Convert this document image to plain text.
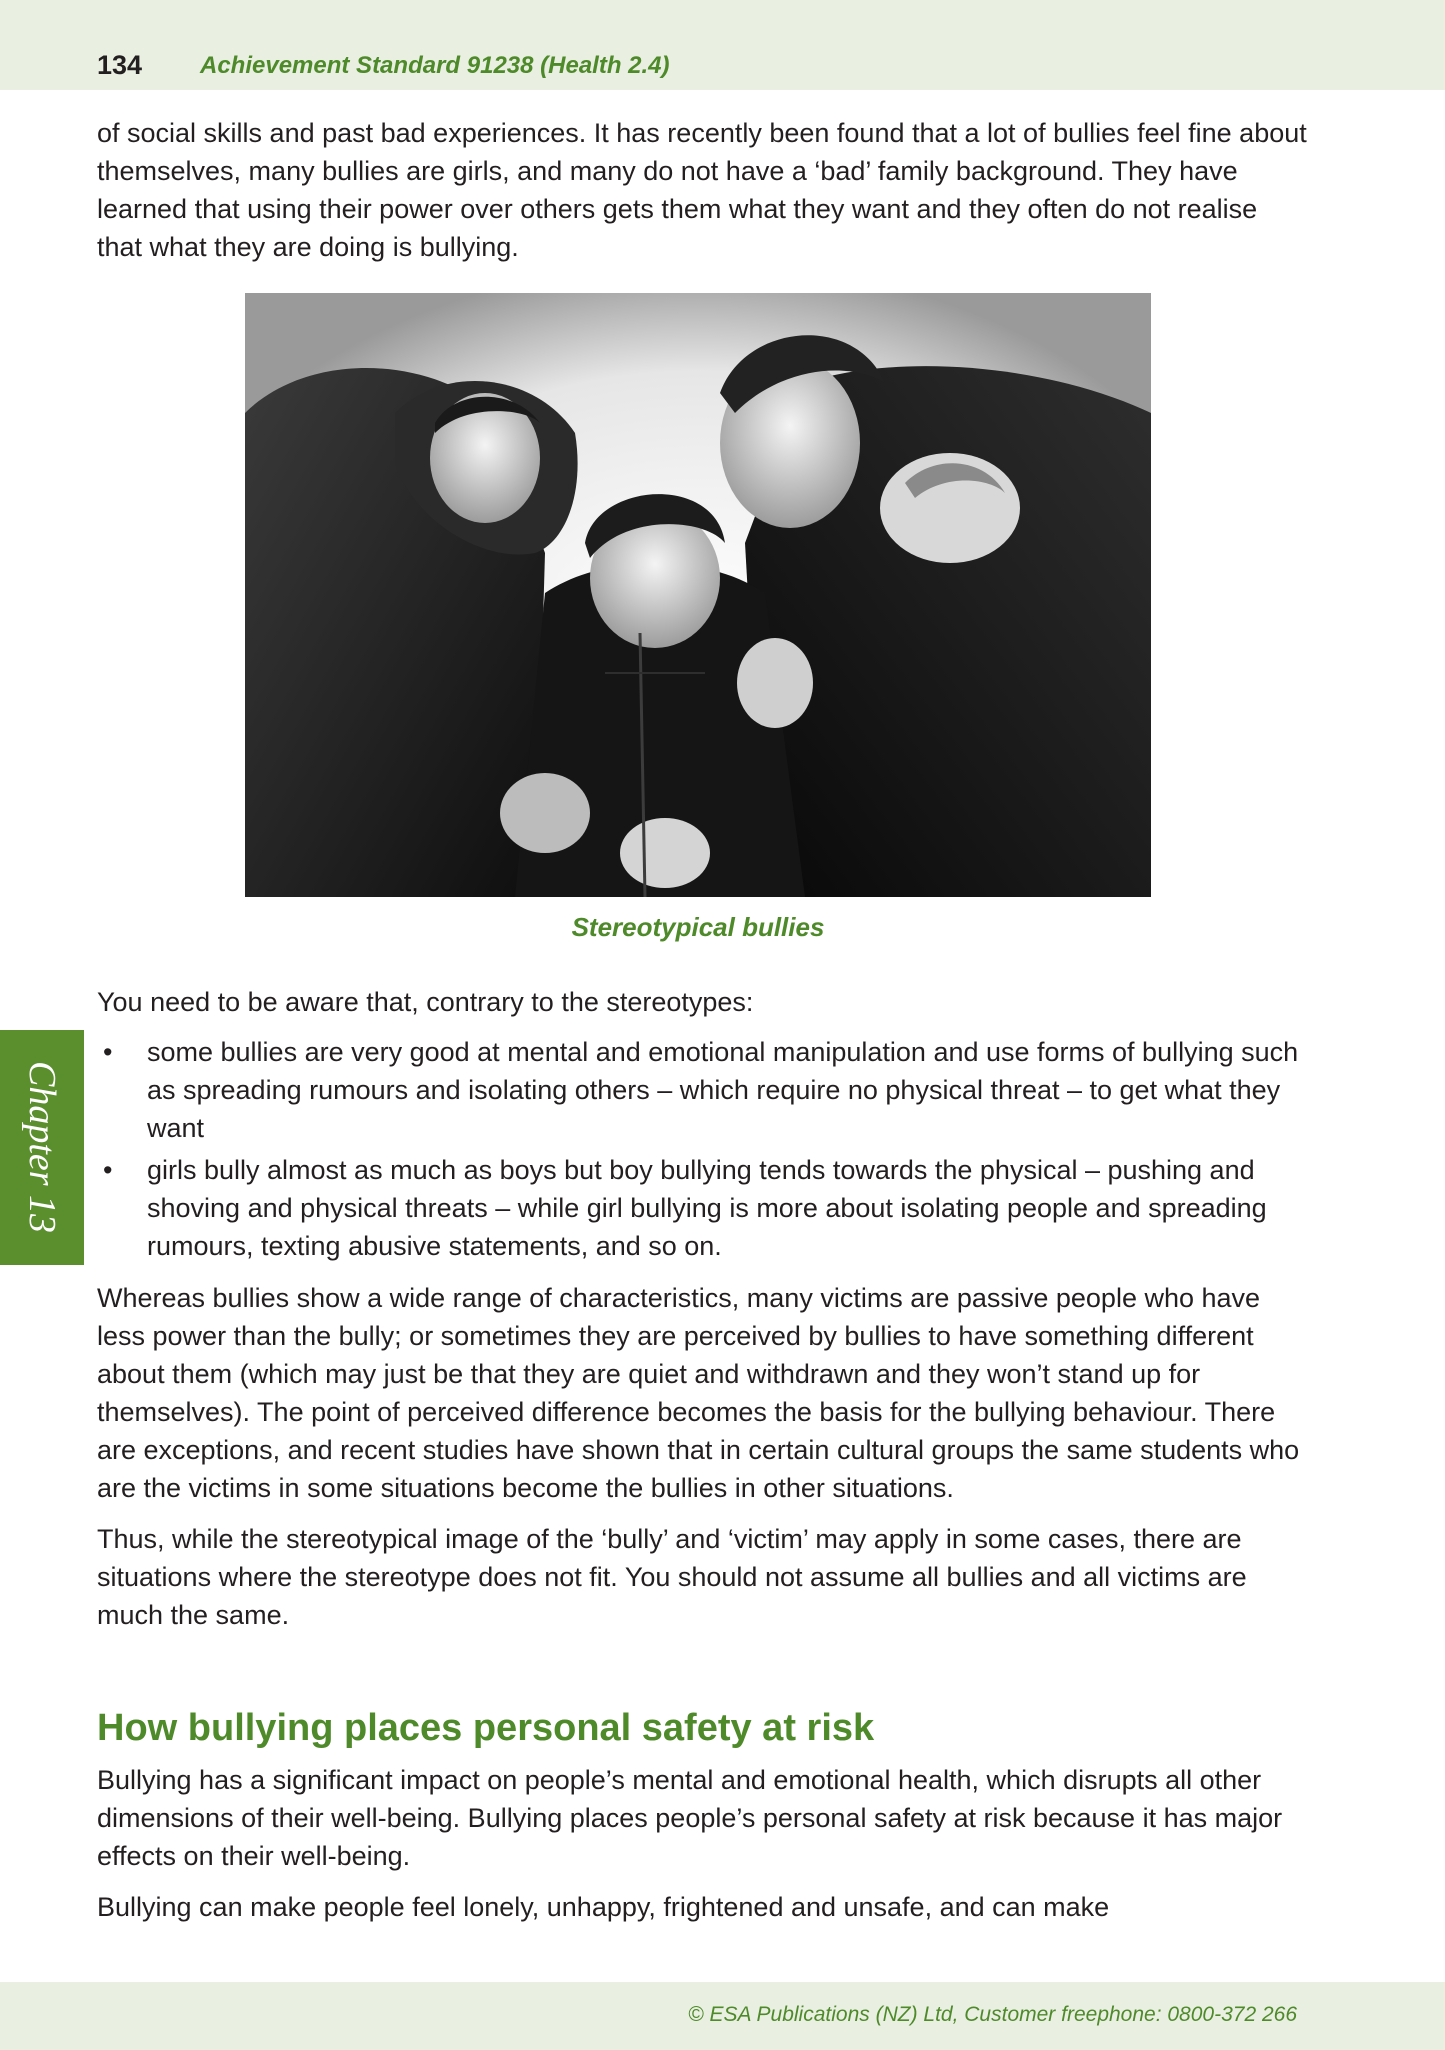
134 Achievement Standard 91238 (Health 2.4)

of social skills and past bad experiences. It has recently been found that a lot of bullies feel fine about themselves, many bullies are girls, and many do not have a ‘bad’ family background. They have learned that using their power over others gets them what they want and they often do not realise that what they are doing is bullying.

Stereotypical bullies

You need to be aware that, contrary to the stereotypes:

• some bullies are very good at mental and emotional manipulation and use forms of bullying such as spreading rumours and isolating others – which require no physical threat – to get what they want
• girls bully almost as much as boys but boy bullying tends towards the physical – pushing and shoving and physical threats – while girl bullying is more about isolating people and spreading rumours, texting abusive statements, and so on.

Whereas bullies show a wide range of characteristics, many victims are passive people who have less power than the bully; or sometimes they are perceived by bullies to have something different about them (which may just be that they are quiet and withdrawn and they won’t stand up for themselves). The point of perceived difference becomes the basis for the bullying behaviour. There are exceptions, and recent studies have shown that in certain cultural groups the same students who are the victims in some situations become the bullies in other situations.

Thus, while the stereotypical image of the ‘bully’ and ‘victim’ may apply in some cases, there are situations where the stereotype does not fit. You should not assume all bullies and all victims are much the same.

Chapter 13
How bullying places personal safety at risk

Bullying has a significant impact on people’s mental and emotional health, which disrupts all other dimensions of their well-being. Bullying places people’s personal safety at risk because it has major effects on their well-being.

Bullying can make people feel lonely, unhappy, frightened and unsafe, and can make

© ESA Publications (NZ) Ltd, Customer freephone: 0800-372 266
